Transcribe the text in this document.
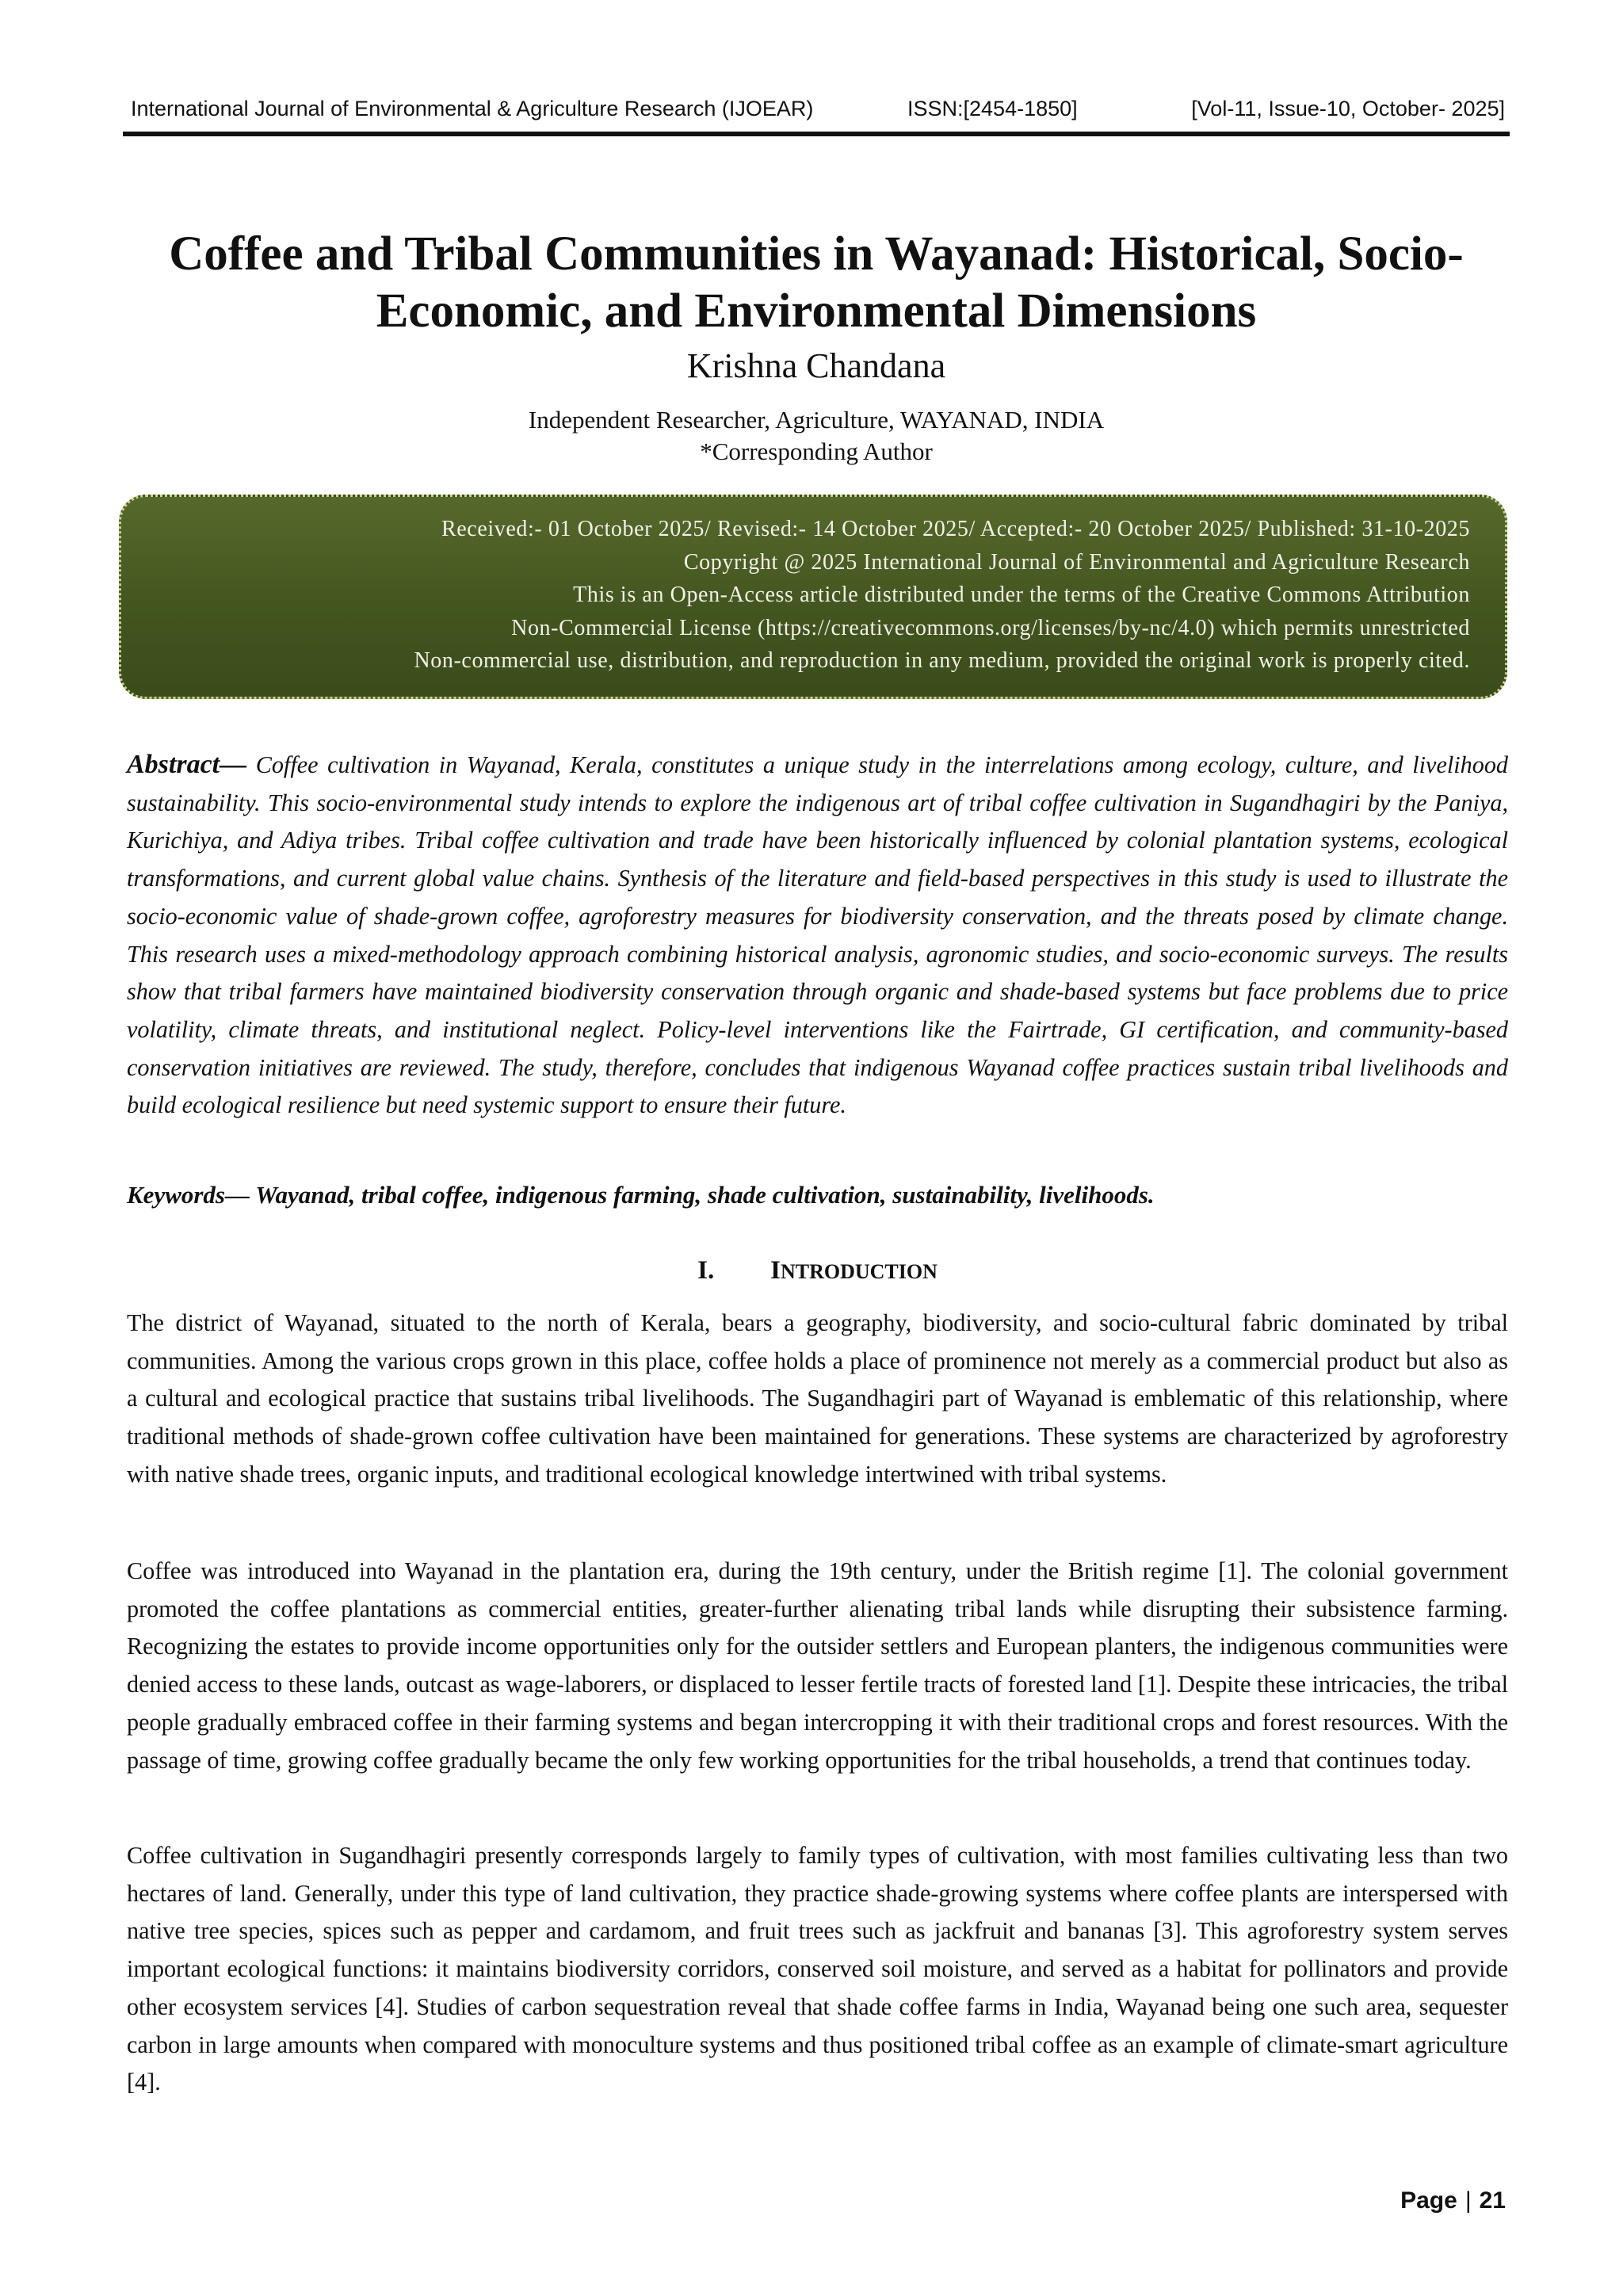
International Journal of Environmental & Agriculture Research (IJOEAR)	ISSN:[2454-1850]	[Vol-11, Issue-10, October- 2025]
Coffee and Tribal Communities in Wayanad: Historical, Socio-
Economic, and Environmental Dimensions
Krishna Chandana
Independent Researcher, Agriculture, WAYANAD, INDIA
*Corresponding Author
Received:- 01 October 2025/ Revised:- 14 October 2025/ Accepted:- 20 October 2025/ Published: 31-10-2025
Copyright @ 2025 International Journal of Environmental and Agriculture Research
This is an Open-Access article distributed under the terms of the Creative Commons Attribution
Non-Commercial License (https://creativecommons.org/licenses/by-nc/4.0) which permits unrestricted
Non-commercial use, distribution, and reproduction in any medium, provided the original work is properly cited.

Abstract— Coffee cultivation in Wayanad, Kerala, constitutes a unique study in the interrelations among ecology, culture, and livelihood sustainability. This socio-environmental study intends to explore the indigenous art of tribal coffee cultivation in Sugandhagiri by the Paniya, Kurichiya, and Adiya tribes. Tribal coffee cultivation and trade have been historically influenced by colonial plantation systems, ecological transformations, and current global value chains. Synthesis of the literature and field-based perspectives in this study is used to illustrate the socio-economic value of shade-grown coffee, agroforestry measures for biodiversity conservation, and the threats posed by climate change. This research uses a mixed-methodology approach combining historical analysis, agronomic studies, and socio-economic surveys. The results show that tribal farmers have maintained biodiversity conservation through organic and shade-based systems but face problems due to price volatility, climate threats, and institutional neglect. Policy-level interventions like the Fairtrade, GI certification, and community-based conservation initiatives are reviewed. The study, therefore, concludes that indigenous Wayanad coffee practices sustain tribal livelihoods and build ecological resilience but need systemic support to ensure their future.

Keywords— Wayanad, tribal coffee, indigenous farming, shade cultivation, sustainability, livelihoods.

I. INTRODUCTION

The district of Wayanad, situated to the north of Kerala, bears a geography, biodiversity, and socio-cultural fabric dominated by tribal communities. Among the various crops grown in this place, coffee holds a place of prominence not merely as a commercial product but also as a cultural and ecological practice that sustains tribal livelihoods. The Sugandhagiri part of Wayanad is emblematic of this relationship, where traditional methods of shade-grown coffee cultivation have been maintained for generations. These systems are characterized by agroforestry with native shade trees, organic inputs, and traditional ecological knowledge intertwined with tribal systems.

Coffee was introduced into Wayanad in the plantation era, during the 19th century, under the British regime [1]. The colonial government promoted the coffee plantations as commercial entities, greater-further alienating tribal lands while disrupting their subsistence farming. Recognizing the estates to provide income opportunities only for the outsider settlers and European planters, the indigenous communities were denied access to these lands, outcast as wage-laborers, or displaced to lesser fertile tracts of forested land [1]. Despite these intricacies, the tribal people gradually embraced coffee in their farming systems and began intercropping it with their traditional crops and forest resources. With the passage of time, growing coffee gradually became the only few working opportunities for the tribal households, a trend that continues today.

Coffee cultivation in Sugandhagiri presently corresponds largely to family types of cultivation, with most families cultivating less than two hectares of land. Generally, under this type of land cultivation, they practice shade-growing systems where coffee plants are interspersed with native tree species, spices such as pepper and cardamom, and fruit trees such as jackfruit and bananas [3]. This agroforestry system serves important ecological functions: it maintains biodiversity corridors, conserved soil moisture, and served as a habitat for pollinators and provide other ecosystem services [4]. Studies of carbon sequestration reveal that shade coffee farms in India, Wayanad being one such area, sequester carbon in large amounts when compared with monoculture systems and thus positioned tribal coffee as an example of climate-smart agriculture [4].

Page | 21
